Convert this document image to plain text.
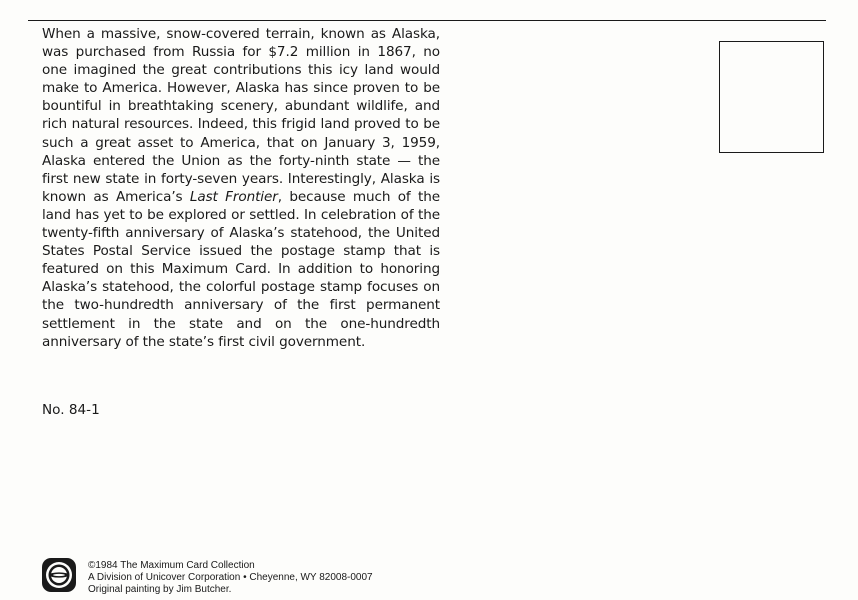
When a massive, snow-covered terrain, known as Alaska, was purchased from Russia for $7.2 million in 1867, no one imagined the great contributions this icy land would make to America. However, Alaska has since proven to be bountiful in breathtaking scenery, abundant wildlife, and rich natural resources. Indeed, this frigid land proved to be such a great asset to America, that on January 3, 1959, Alaska entered the Union as the forty-ninth state — the first new state in forty-seven years. Interestingly, Alaska is known as America’s Last Frontier, because much of the land has yet to be explored or settled. In celebration of the twenty-fifth anniversary of Alaska’s statehood, the United States Postal Service issued the postage stamp that is featured on this Maximum Card. In addition to honoring Alaska’s statehood, the colorful postage stamp focuses on the two-hundredth anniversary of the first permanent settlement in the state and on the one-hundredth anniversary of the state’s first civil government.

No. 84-1
©1984 The Maximum Card Collection
A Division of Unicover Corporation • Cheyenne, WY 82008-0007
Original painting by Jim Butcher.
